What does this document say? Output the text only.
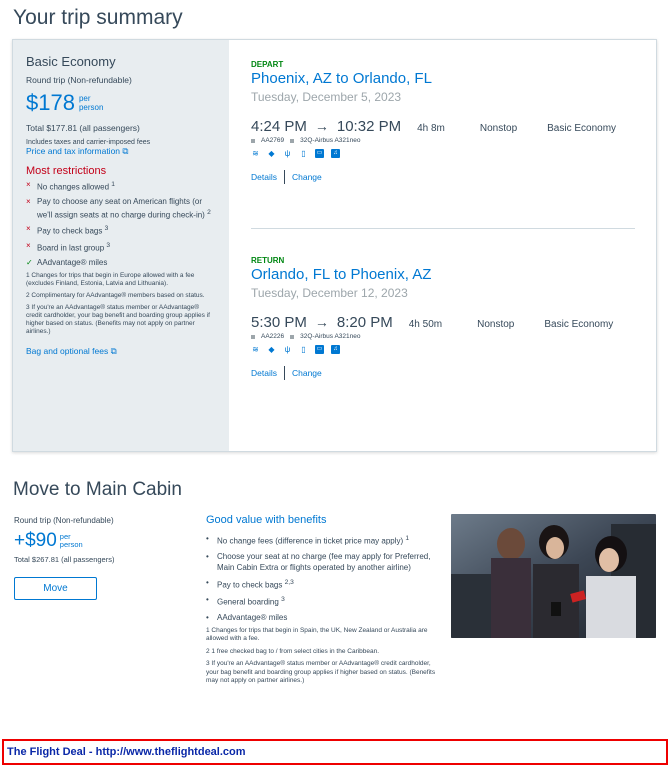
Your trip summary
Basic Economy
Round trip (Non-refundable)
$178 per
person
Total $177.81 (all passengers)
Includes taxes and carrier-imposed fees
Price and tax information ⧉
Most restrictions
× No changes allowed $^1$
× Pay to choose any seat on American flights (or we'll assign seats at no charge during check-in) $^2$
× Pay to check bags $^3$
× Board in last group $^3$
✓ AAdvantage® miles
1 Changes for trips that begin in Europe allowed with a fee (excludes Finland, Estonia, Latvia and Lithuania).
2 Complimentary for AAdvantage® members based on status.
3 If you're an AAdvantage® status member or AAdvantage® credit cardholder, your bag benefit and boarding group applies if higher based on status. (Benefits may not apply on partner airlines.)
Bag and optional fees ⧉
DEPART
Phoenix, AZ to Orlando, FL
Tuesday, December 5, 2023
4:24 PM → 10:32 PM 4h 8m	Nonstop	Basic Economy
AA2769 32Q-Airbus A321neo
≋ ◆ ψ ▯	▭	♫
Details Change
RETURN
Orlando, FL to Phoenix, AZ
Tuesday, December 12, 2023
5:30 PM → 8:20 PM 4h 50m	Nonstop	Basic Economy
AA2226 32Q-Airbus A321neo
≋ ◆ ψ ▯	▭	♫
Details Change
Move to Main Cabin
Round trip (Non-refundable)
+$90 per
person
Total $267.81 (all passengers)
Move
Good value with benefits
• No change fees (difference in ticket price may apply) $^1$
• Choose your seat at no charge (fee may apply for Preferred, Main Cabin Extra or flights operated by another airline)
• Pay to check bags $^{2,3}$
• General boarding $^3$
• AAdvantage® miles
1 Changes for trips that begin in Spain, the UK, New Zealand or Australia are allowed with a fee.
2 1 free checked bag to / from select cities in the Caribbean.
3 If you're an AAdvantage® status member or AAdvantage® credit cardholder, your bag benefit and boarding group applies if higher based on status. (Benefits may not apply on partner airlines.)
The Flight Deal - http://www.theflightdeal.com
